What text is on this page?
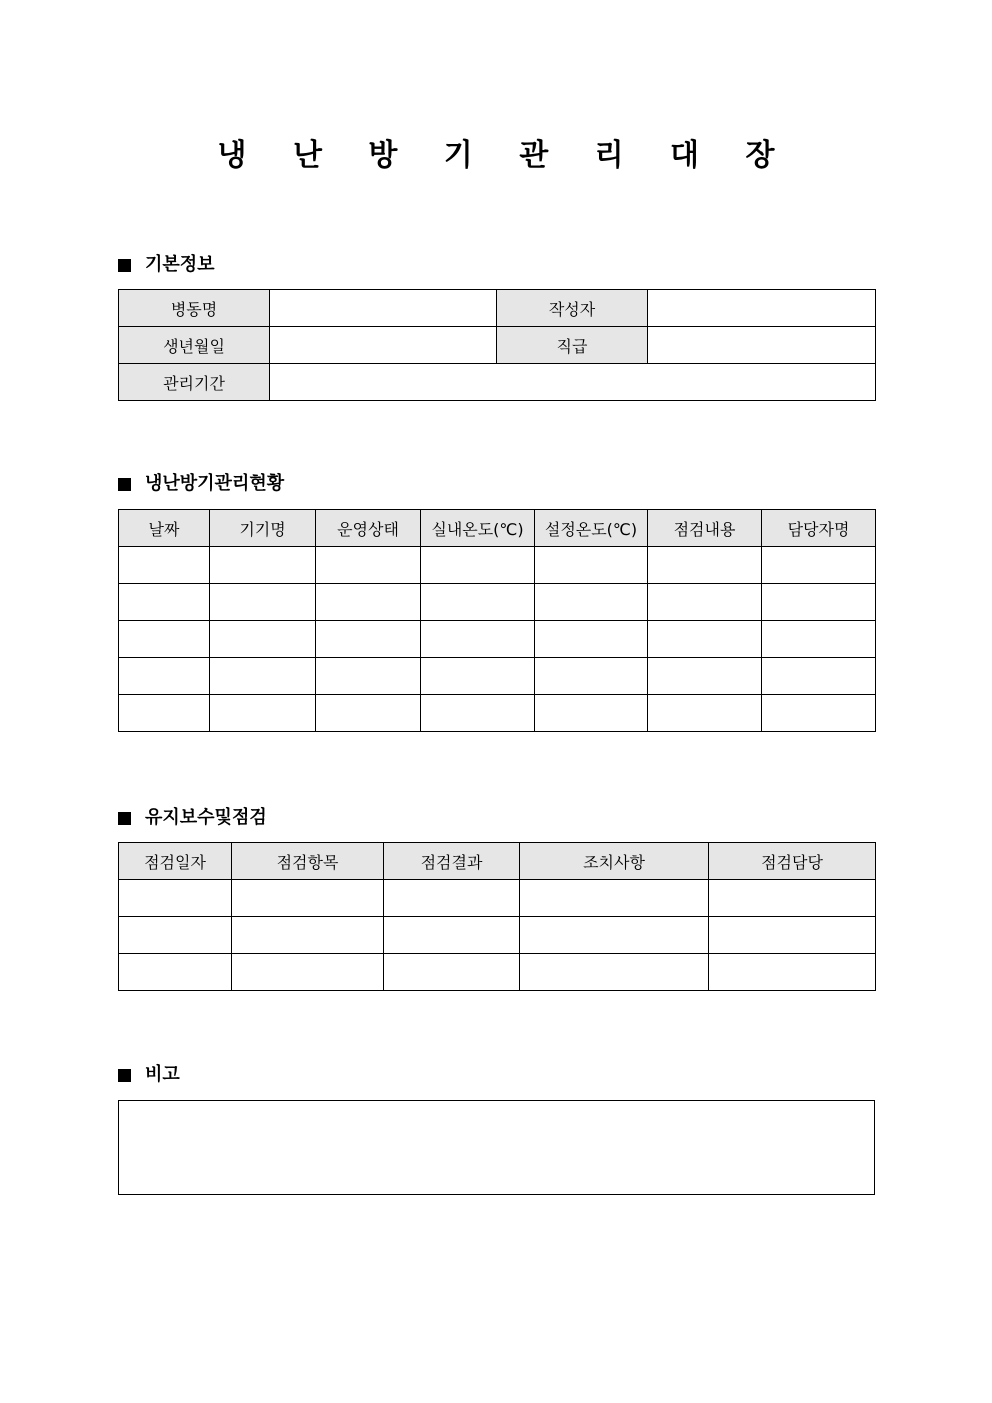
냉 난 방 기 관 리 대 장
기본정보
병동명		작성자	
생년월일		직급	
관리기간			
냉난방기관리현황
날짜	기기명	운영상태	실내온도(℃)	설정온도(℃)	점검내용	담당자명

유지보수및점검
점검일자	점검항목	점검결과	조치사항	점검담당

비고
